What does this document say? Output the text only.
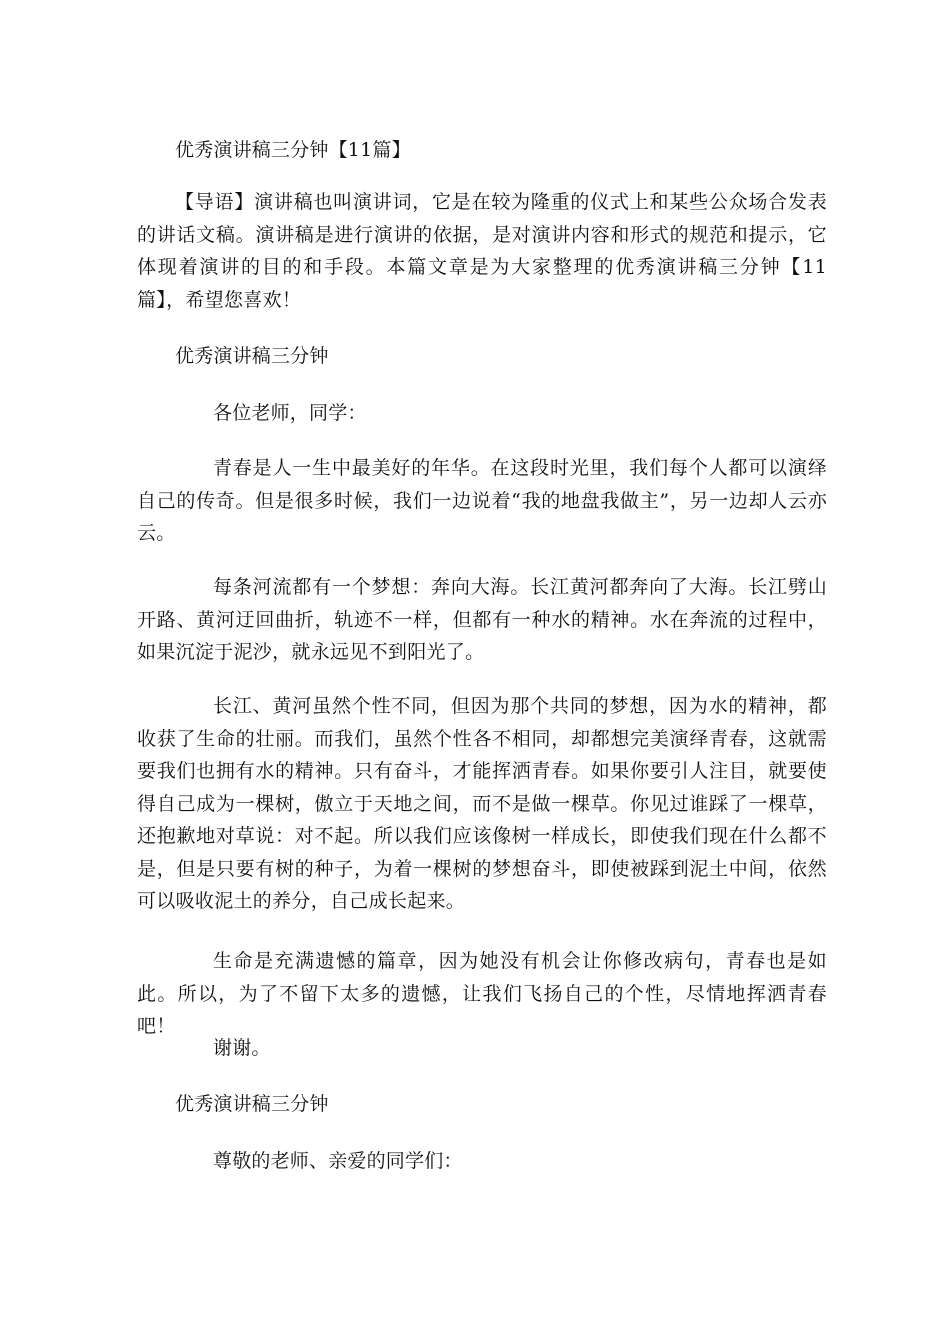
优秀演讲稿三分钟【11篇】
【导语】演讲稿也叫演讲词，它是在较为隆重的仪式上和某些公众场合发表的讲话文稿。演讲稿是进行演讲的依据，是对演讲内容和形式的规范和提示，它体现着演讲的目的和手段。本篇文章是为大家整理的优秀演讲稿三分钟【11篇】，希望您喜欢！
优秀演讲稿三分钟
各位老师，同学：
青春是人一生中最美好的年华。在这段时光里，我们每个人都可以演绎自己的传奇。但是很多时候，我们一边说着“我的地盘我做主”，另一边却人云亦云。
每条河流都有一个梦想：奔向大海。长江黄河都奔向了大海。长江劈山开路、黄河迂回曲折，轨迹不一样，但都有一种水的精神。水在奔流的过程中，如果沉淀于泥沙，就永远见不到阳光了。
长江、黄河虽然个性不同，但因为那个共同的梦想，因为水的精神，都收获了生命的壮丽。而我们，虽然个性各不相同，却都想完美演绎青春，这就需要我们也拥有水的精神。只有奋斗，才能挥洒青春。如果你要引人注目，就要使得自己成为一棵树，傲立于天地之间，而不是做一棵草。你见过谁踩了一棵草，还抱歉地对草说：对不起。所以我们应该像树一样成长，即使我们现在什么都不是，但是只要有树的种子，为着一棵树的梦想奋斗，即使被踩到泥土中间，依然可以吸收泥土的养分，自己成长起来。
生命是充满遗憾的篇章，因为她没有机会让你修改病句，青春也是如此。所以，为了不留下太多的遗憾，让我们飞扬自己的个性，尽情地挥洒青春吧！
谢谢。
优秀演讲稿三分钟
尊敬的老师、亲爱的同学们：
